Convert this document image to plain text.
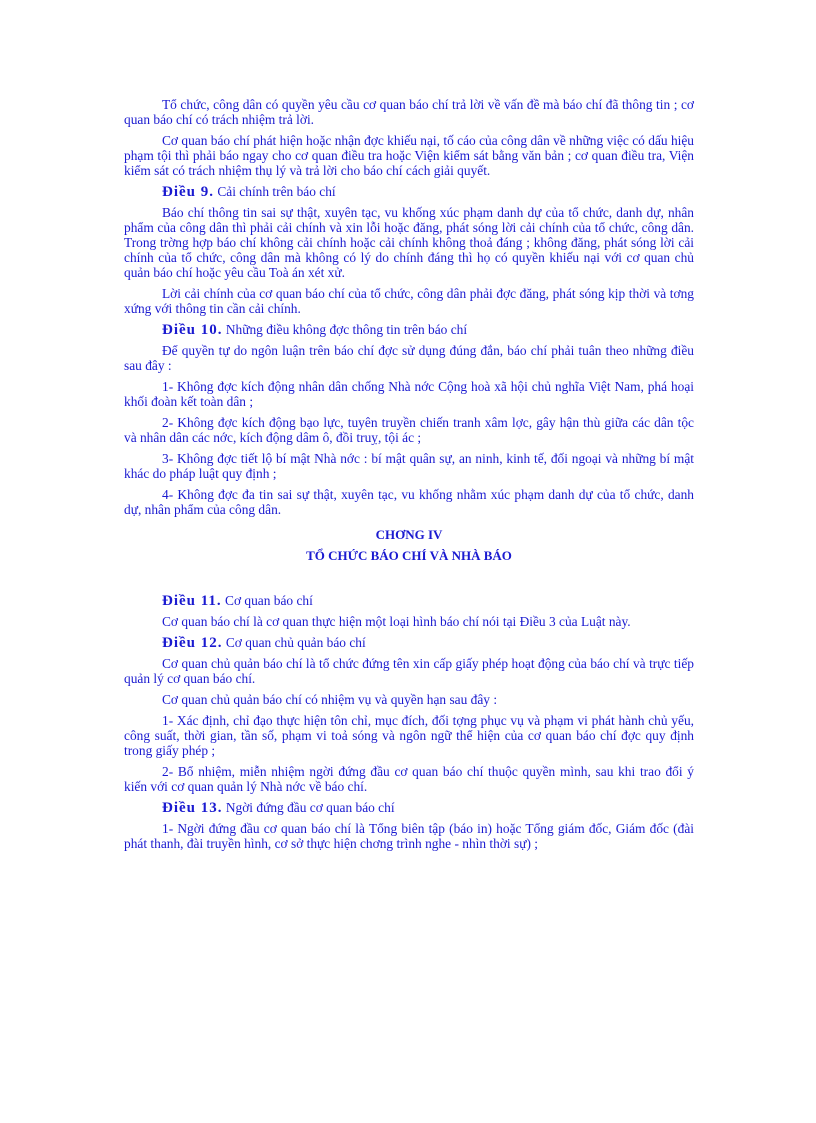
Tổ chức, công dân có quyền yêu cầu cơ quan báo chí trả lời về vấn đề mà báo chí đã thông tin ; cơ quan báo chí có trách nhiệm trả lời.

Cơ quan báo chí phát hiện hoặc nhận đợc khiếu nại, tố cáo của công dân về những việc có dấu hiệu phạm tội thì phải báo ngay cho cơ quan điều tra hoặc Viện kiểm sát bằng văn bản ; cơ quan điều tra, Viện kiểm sát có trách nhiệm thụ lý và trả lời cho báo chí cách giải quyết.

Điều 9. Cải chính trên báo chí

Báo chí thông tin sai sự thật, xuyên tạc, vu khống xúc phạm danh dự của tổ chức, danh dự, nhân phẩm của công dân thì phải cải chính và xin lỗi hoặc đăng, phát sóng lời cải chính của tổ chức, công dân. Trong trờng hợp báo chí không cải chính hoặc cải chính không thoả đáng ; không đăng, phát sóng lời cải chính của tổ chức, công dân mà không có lý do chính đáng thì họ có quyền khiếu nại với cơ quan chủ quản báo chí hoặc yêu cầu Toà án xét xử.

Lời cải chính của cơ quan báo chí của tổ chức, công dân phải đợc đăng, phát sóng kịp thời và tơng xứng với thông tin cần cải chính.

Điều 10. Những điều không đợc thông tin trên báo chí

Để quyền tự do ngôn luận trên báo chí đợc sử dụng đúng đắn, báo chí phải tuân theo những điều sau đây :

1- Không đợc kích động nhân dân chống Nhà nớc Cộng hoà xã hội chủ nghĩa Việt Nam, phá hoại khối đoàn kết toàn dân ;

2- Không đợc kích động bạo lực, tuyên truyền chiến tranh xâm lợc, gây hận thù giữa các dân tộc và nhân dân các nớc, kích động dâm ô, đồi truỵ, tội ác ;

3- Không đợc tiết lộ bí mật Nhà nớc : bí mật quân sự, an ninh, kinh tế, đối ngoại và những bí mật khác do pháp luật quy định ;

4- Không đợc đa tin sai sự thật, xuyên tạc, vu khống nhằm xúc phạm danh dự của tổ chức, danh dự, nhân phẩm của công dân.

CHƠNG IV
TỔ CHỨC BÁO CHÍ VÀ NHÀ BÁO

Điều 11. Cơ quan báo chí

Cơ quan báo chí là cơ quan thực hiện một loại hình báo chí nói tại Điều 3 của Luật này.

Điều 12. Cơ quan chủ quản báo chí

Cơ quan chủ quản báo chí là tổ chức đứng tên xin cấp giấy phép hoạt động của báo chí và trực tiếp quản lý cơ quan báo chí.

Cơ quan chủ quản báo chí có nhiệm vụ và quyền hạn sau đây :

1- Xác định, chỉ đạo thực hiện tôn chỉ, mục đích, đối tợng phục vụ và phạm vi phát hành chủ yếu, công suất, thời gian, tần số, phạm vi toả sóng và ngôn ngữ thể hiện của cơ quan báo chí đợc quy định trong giấy phép ;

2- Bổ nhiệm, miễn nhiệm ngời đứng đầu cơ quan báo chí thuộc quyền mình, sau khi trao đổi ý kiến với cơ quan quản lý Nhà nớc về báo chí.

Điều 13. Ngời đứng đầu cơ quan báo chí

1- Ngời đứng đầu cơ quan báo chí là Tổng biên tập (báo in) hoặc Tổng giám đốc, Giám đốc (đài phát thanh, đài truyền hình, cơ sở thực hiện chơng trình nghe - nhìn thời sự) ;
